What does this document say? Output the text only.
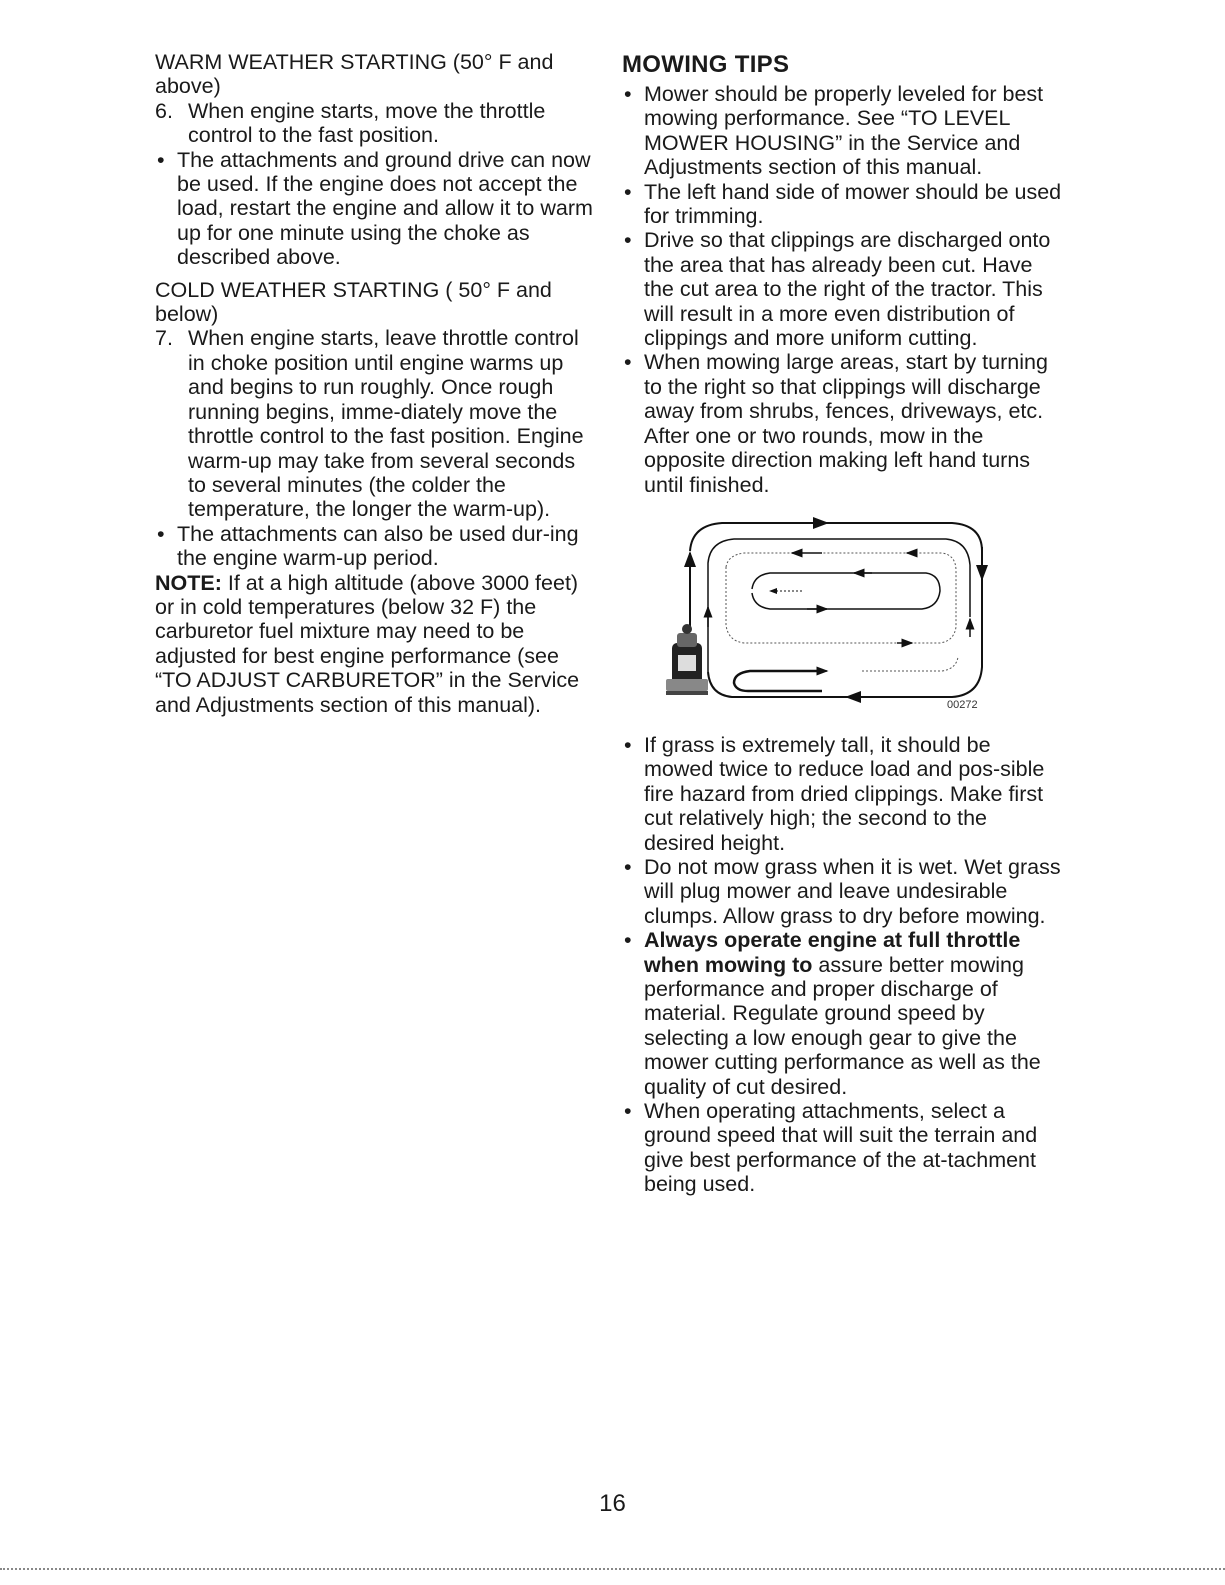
WARM WEATHER STARTING (50° F and above)

6. When engine starts, move the throttle control to the fast position.
• The attachments and ground drive can now be used. If the engine does not accept the load, restart the engine and allow it to warm up for one minute using the choke as described above.

COLD WEATHER STARTING ( 50° F and below)

7. When engine starts, leave throttle control in choke position until engine warms up and begins to run roughly. Once rough running begins, imme-diately move the throttle control to the fast position. Engine warm-up may take from several seconds to several minutes (the colder the temperature, the longer the warm-up).
• The attachments can also be used dur-ing the engine warm-up period.

NOTE: If at a high altitude (above 3000 feet) or in cold temperatures (below 32 F) the carburetor fuel mixture may need to be adjusted for best engine performance (see “TO ADJUST CARBURETOR” in the Service and Adjustments section of this manual).

MOWING TIPS
• Mower should be properly leveled for best mowing performance. See “TO LEVEL MOWER HOUSING” in the Service and Adjustments section of this manual.
• The left hand side of mower should be used for trimming.
• Drive so that clippings are discharged onto the area that has already been cut. Have the cut area to the right of the tractor. This will result in a more even distribution of clippings and more uniform cutting.
• When mowing large areas, start by turning to the right so that clippings will discharge away from shrubs, fences, driveways, etc. After one or two rounds, mow in the opposite direction making left hand turns until finished.
00272
• If grass is extremely tall, it should be mowed twice to reduce load and pos-sible fire hazard from dried clippings. Make first cut relatively high; the second to the desired height.
• Do not mow grass when it is wet. Wet grass will plug mower and leave undesirable clumps. Allow grass to dry before mowing.
• Always operate engine at full throttle when mowing to assure better mowing performance and proper discharge of material. Regulate ground speed by selecting a low enough gear to give the mower cutting performance as well as the quality of cut desired.
• When operating attachments, select a ground speed that will suit the terrain and give best performance of the at-tachment being used.
16
